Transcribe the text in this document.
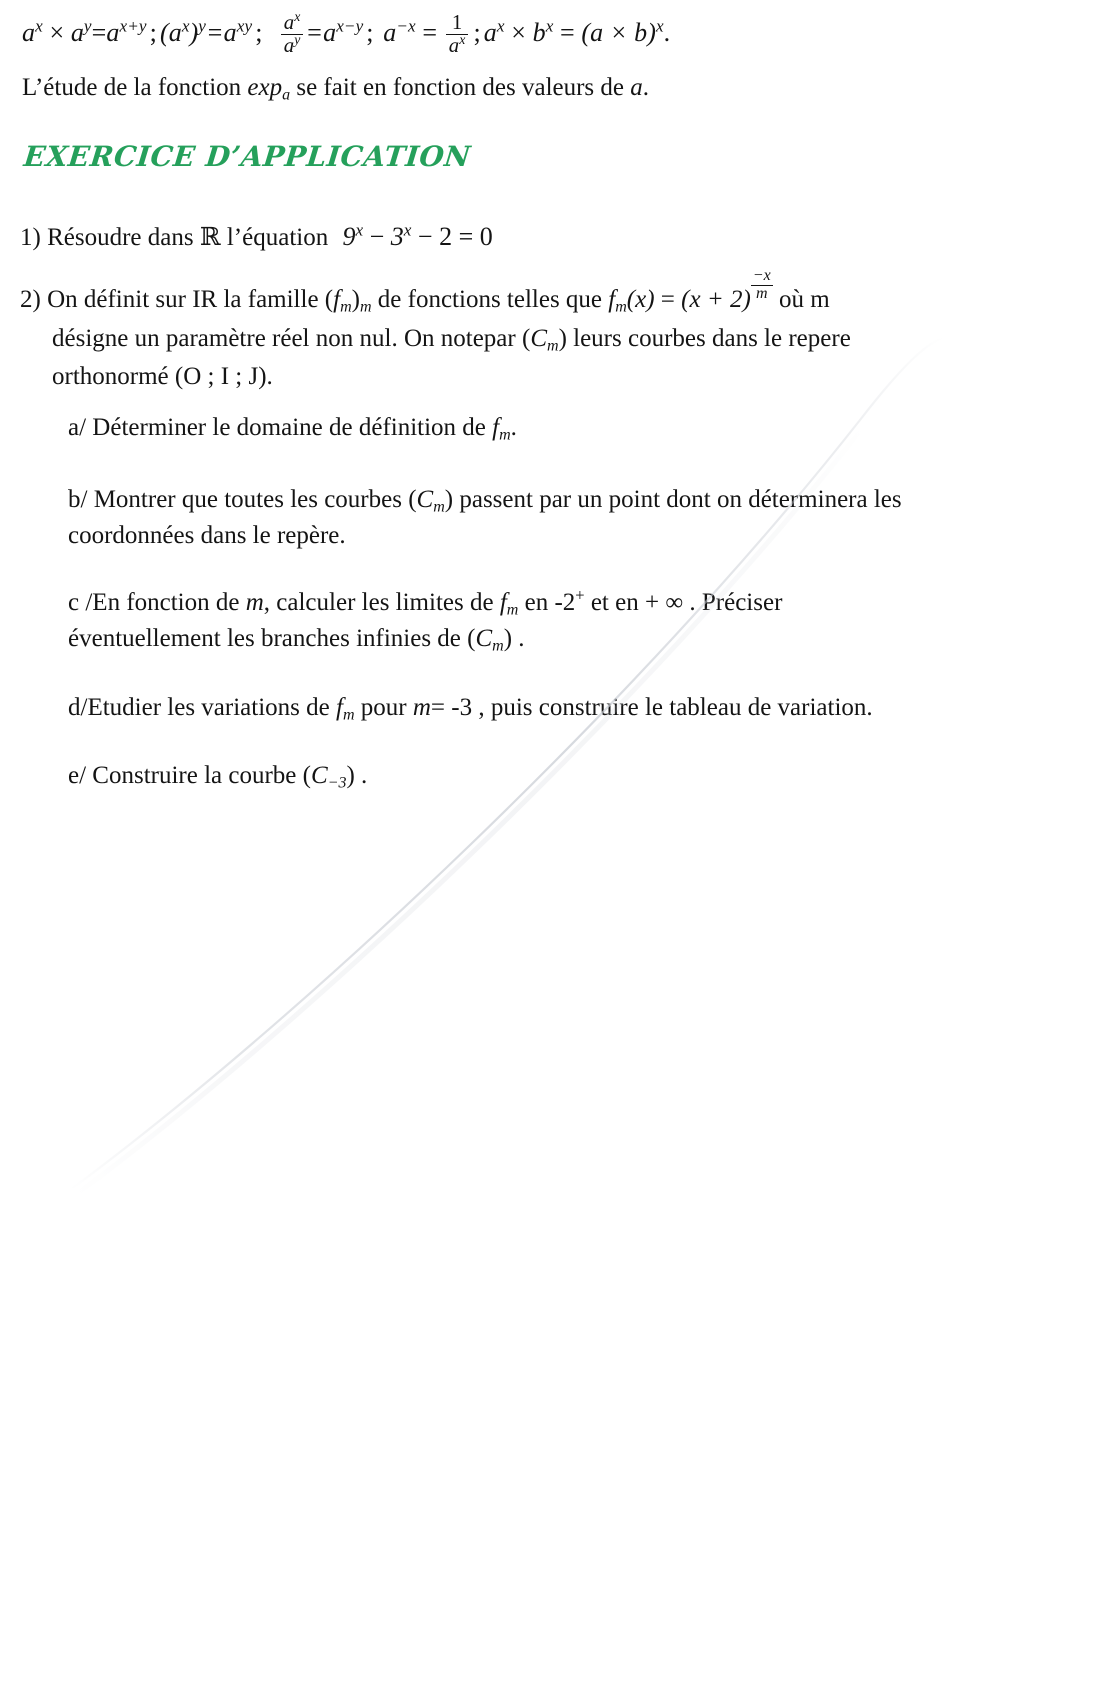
$a^x \times a^y=a^{x+y}$ ; $(a^x)^y=a^{xy}$ ; $\frac{a^x}{a^y} =a^{x-y}$ ; $a^{-x} = \frac{1}{a^x}$ ; $a^x \times b^x = (a \times b)^x$.
L’étude de la fonction $\exp_a$ se fait en fonction des valeurs de a.
EXERCICE D’APPLICATION
1) Résoudre dans ℝ l’équation $9^x - 3^x - 2 = 0$
2) On définit sur IR la famille $(f_m)_m$ de fonctions telles que $f_m(x) = (x + 2) \frac{-x}{m}$ où m
désigne un paramètre réel non nul. On notepar $(C_m)$ leurs courbes dans le repere
orthonormé (O ; I ; J).
a/ Déterminer le domaine de définition de $f_m$.
b/ Montrer que toutes les courbes $(C_m)$ passent par un point dont on déterminera les
coordonnées dans le repère.
c /En fonction de m, calculer les limites de $f_m$ en -2+ et en + ∞ . Préciser
éventuellement les branches infinies de $(C_m)$ .
d/Etudier les variations de $f_m$ pour m= -3 , puis construire le tableau de variation.
e/ Construire la courbe $(C_{-3})$ .
